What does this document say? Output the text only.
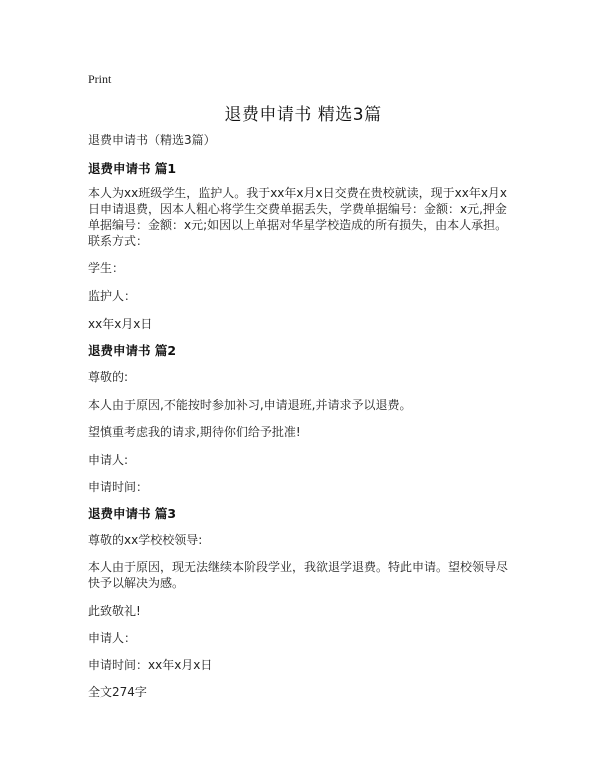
Print
退费申请书 精选3篇
退费申请书（精选3篇）
退费申请书 篇1
本人为xx班级学生，监护人。我于xx年x月x日交费在贵校就读，现于xx年x月x日申请退费，因本人粗心将学生交费单据丢失，学费单据编号：金额：x元,押金单据编号：金额：x元;如因以上单据对华星学校造成的所有损失，由本人承担。联系方式：
学生：
监护人：
xx年x月x日
退费申请书 篇2
尊敬的:
本人由于原因,不能按时参加补习,申请退班,并请求予以退费。
望慎重考虑我的请求,期待你们给予批准!
申请人:
申请时间：
退费申请书 篇3
尊敬的xx学校校领导:
本人由于原因，现无法继续本阶段学业，我欲退学退费。特此申请。望校领导尽快予以解决为感。
此致敬礼!
申请人：
申请时间：xx年x月x日
全文274字
